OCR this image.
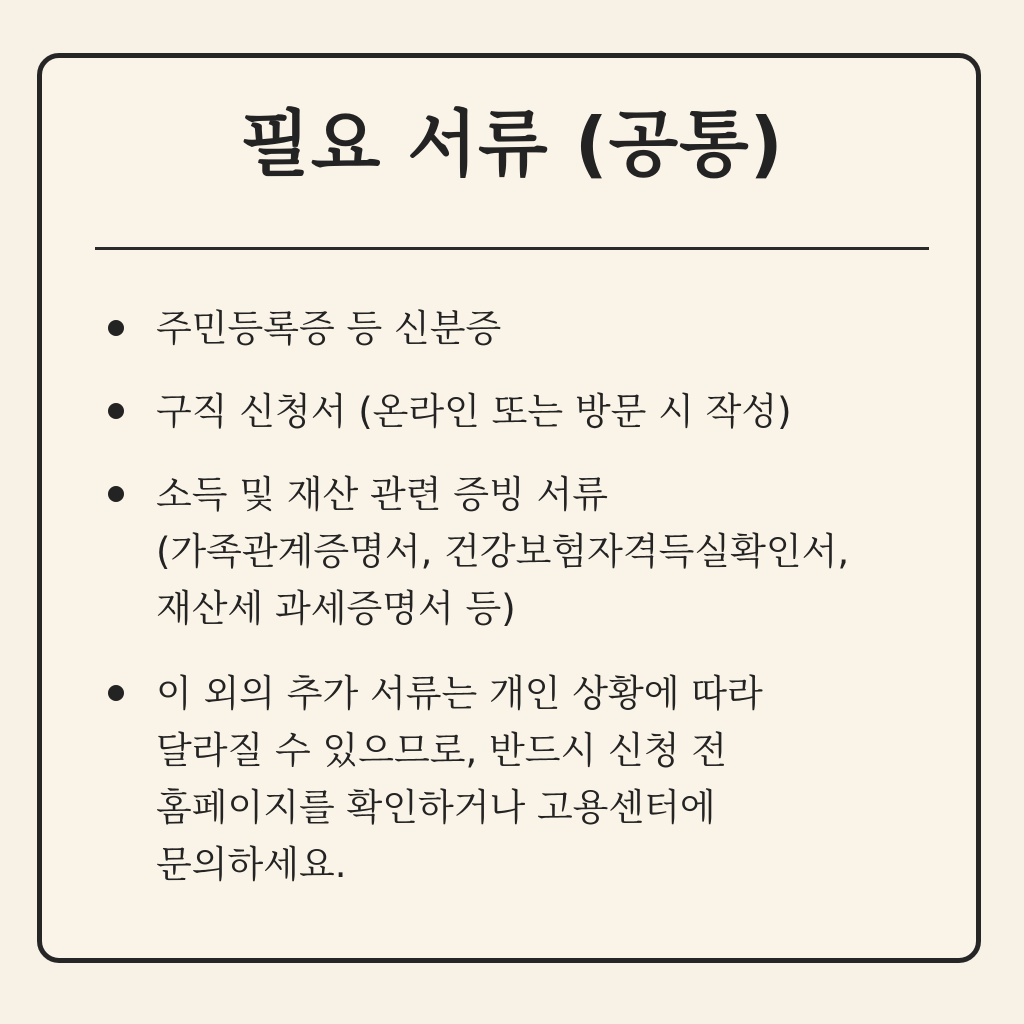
필요 서류 (공통)
주민등록증 등 신분증
구직 신청서 (온라인 또는 방문 시 작성)
소득 및 재산 관련 증빙 서류
(가족관계증명서, 건강보험자격득실확인서,
재산세 과세증명서 등)
이 외의 추가 서류는 개인 상황에 따라
달라질 수 있으므로, 반드시 신청 전
홈페이지를 확인하거나 고용센터에
문의하세요.
